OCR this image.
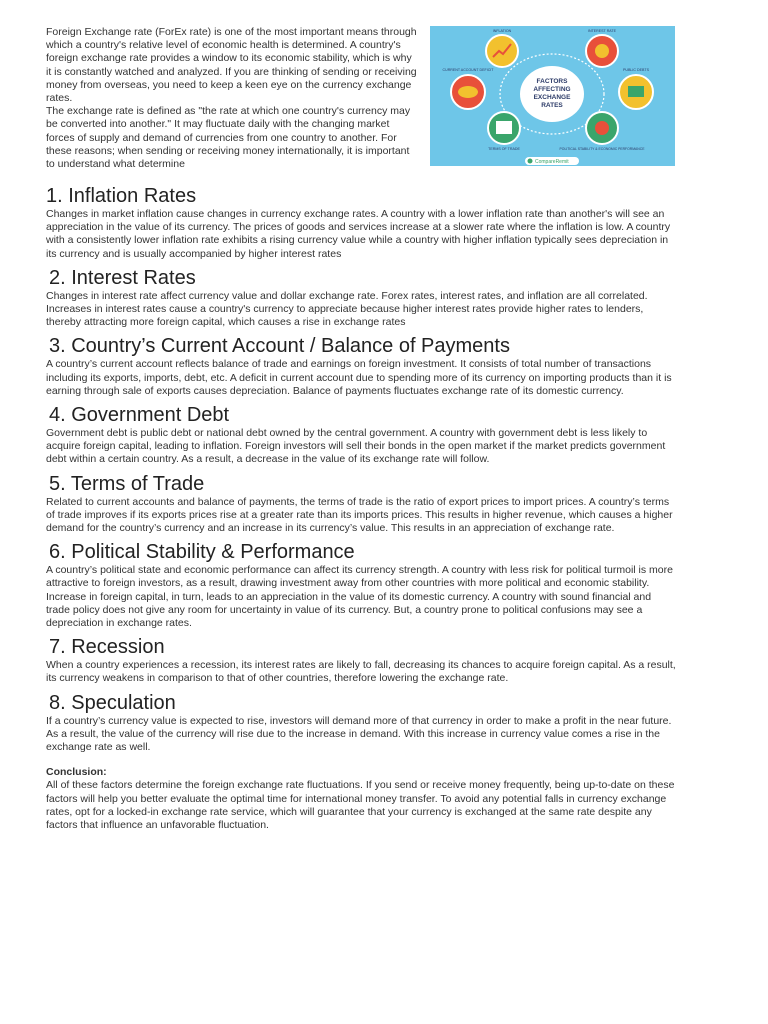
Foreign Exchange rate (ForEx rate) is one of the most important means through which a country's relative level of economic health is determined. A country's foreign exchange rate provides a window to its economic stability, which is why it is constantly watched and analyzed. If you are thinking of sending or receiving money from overseas, you need to keep a keen eye on the currency exchange rates.

The exchange rate is defined as "the rate at which one country's currency may be converted into another." It may fluctuate daily with the changing market forces of supply and demand of currencies from one country to another. For these reasons; when sending or receiving money internationally, it is important to understand what determine

FACTORS
AFFECTING
EXCHANGE
RATES
INFLATION	INTEREST RATE
CURRENT ACCOUNT DEFICIT	PUBLIC DEBTS
TERMS OF TRADE	POLITICAL STABILITY & ECONOMIC PERFORMANCE
CompareRemit
1. Inflation Rates

Changes in market inflation cause changes in currency exchange rates. A country with a lower inflation rate than another's will see an appreciation in the value of its currency. The prices of goods and services increase at a slower rate where the inflation is low. A country with a consistently lower inflation rate exhibits a rising currency value while a country with higher inflation typically sees depreciation in its currency and is usually accompanied by higher interest rates

2. Interest Rates

Changes in interest rate affect currency value and dollar exchange rate. Forex rates, interest rates, and inflation are all correlated. Increases in interest rates cause a country's currency to appreciate because higher interest rates provide higher rates to lenders, thereby attracting more foreign capital, which causes a rise in exchange rates

3. Country’s Current Account / Balance of Payments

A country’s current account reflects balance of trade and earnings on foreign investment. It consists of total number of transactions including its exports, imports, debt, etc. A deficit in current account due to spending more of its currency on importing products than it is earning through sale of exports causes depreciation. Balance of payments fluctuates exchange rate of its domestic currency.

4. Government Debt

Government debt is public debt or national debt owned by the central government. A country with government debt is less likely to acquire foreign capital, leading to inflation. Foreign investors will sell their bonds in the open market if the market predicts government debt within a certain country. As a result, a decrease in the value of its exchange rate will follow.

5. Terms of Trade

Related to current accounts and balance of payments, the terms of trade is the ratio of export prices to import prices. A country’s terms of trade improves if its exports prices rise at a greater rate than its imports prices. This results in higher revenue, which causes a higher demand for the country’s currency and an increase in its currency’s value. This results in an appreciation of exchange rate.

6. Political Stability & Performance

A country’s political state and economic performance can affect its currency strength. A country with less risk for political turmoil is more attractive to foreign investors, as a result, drawing investment away from other countries with more political and economic stability. Increase in foreign capital, in turn, leads to an appreciation in the value of its domestic currency. A country with sound financial and trade policy does not give any room for uncertainty in value of its currency. But, a country prone to political confusions may see a depreciation in exchange rates.

7. Recession

When a country experiences a recession, its interest rates are likely to fall, decreasing its chances to acquire foreign capital. As a result, its currency weakens in comparison to that of other countries, therefore lowering the exchange rate.

8. Speculation

If a country’s currency value is expected to rise, investors will demand more of that currency in order to make a profit in the near future. As a result, the value of the currency will rise due to the increase in demand. With this increase in currency value comes a rise in the exchange rate as well.

Conclusion:

All of these factors determine the foreign exchange rate fluctuations. If you send or receive money frequently, being up-to-date on these factors will help you better evaluate the optimal time for international money transfer. To avoid any potential falls in currency exchange rates, opt for a locked-in exchange rate service, which will guarantee that your currency is exchanged at the same rate despite any factors that influence an unfavorable fluctuation.
